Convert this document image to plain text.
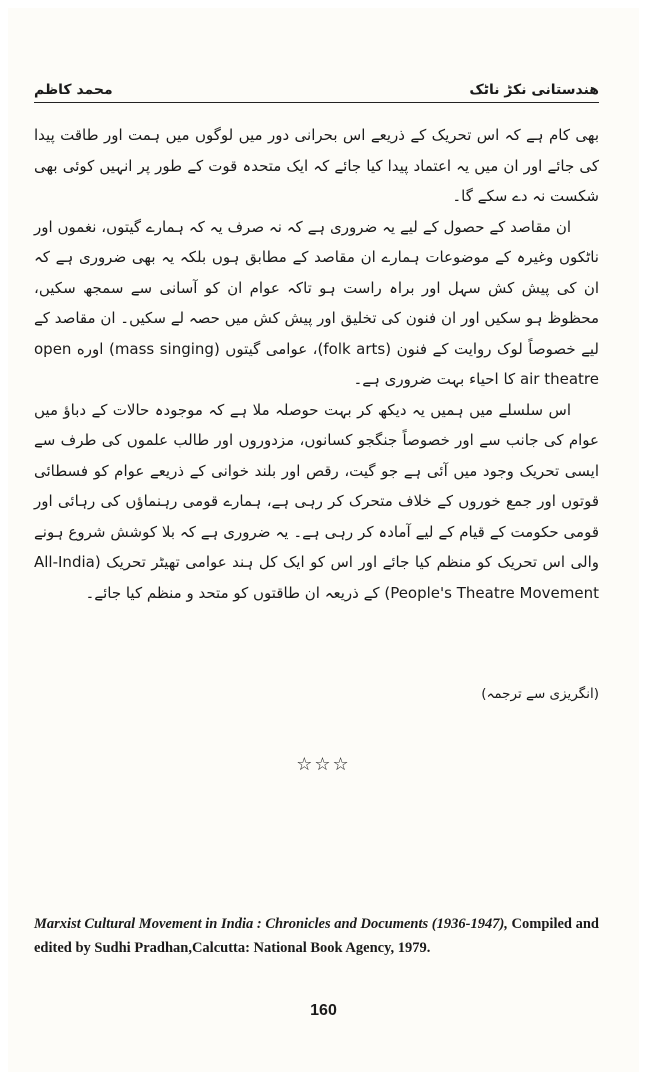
هندستانی نکڑ ناٹک
محمد کاظم

بھی کام ہے کہ اس تحریک کے ذریعے اس بحرانی دور میں لوگوں میں ہمت اور طاقت پیدا کی جائے اور ان میں یہ اعتماد پیدا کیا جائے کہ ایک متحدہ قوت کے طور پر انہیں کوئی بھی شکست نہ دے سکے گا۔

ان مقاصد کے حصول کے لیے یہ ضروری ہے کہ نہ صرف یہ کہ ہمارے گیتوں، نغموں اور ناٹکوں وغیرہ کے موضوعات ہمارے ان مقاصد کے مطابق ہوں بلکہ یہ بھی ضروری ہے کہ ان کی پیش کش سہل اور براہ راست ہو تاکہ عوام ان کو آسانی سے سمجھ سکیں، محظوظ ہو سکیں اور ان فنون کی تخلیق اور پیش کش میں حصہ لے سکیں۔ ان مقاصد کے لیے خصوصاً لوک روایت کے فنون (folk arts)، عوامی گیتوں (mass singing) اوره open air theatre کا احیاء بہت ضروری ہے۔

اس سلسلے میں ہمیں یہ دیکھ کر بہت حوصلہ ملا ہے کہ موجودہ حالات کے دباؤ میں عوام کی جانب سے اور خصوصاً جنگجو کسانوں، مزدوروں اور طالب علموں کی طرف سے ایسی تحریک وجود میں آئی ہے جو گیت، رقص اور بلند خوانی کے ذریعے عوام کو فسطائی قوتوں اور جمع خوروں کے خلاف متحرک کر رہی ہے، ہمارے قومی رہنماؤں کی رہائی اور قومی حکومت کے قیام کے لیے آمادہ کر رہی ہے۔ یہ ضروری ہے کہ بلا کوشش شروع ہونے والی اس تحریک کو منظم کیا جائے اور اس کو ایک کل ہند عوامی تھیٹر تحریک (All-India People's Theatre Movement) کے ذریعہ ان طاقتوں کو متحد و منظم کیا جائے۔

(انگریزی سے ترجمہ)
☆☆☆
Marxist Cultural Movement in India : Chronicles and Documents (1936-1947), Compiled and edited by Sudhi Pradhan,Calcutta: National Book Agency, 1979.
160
